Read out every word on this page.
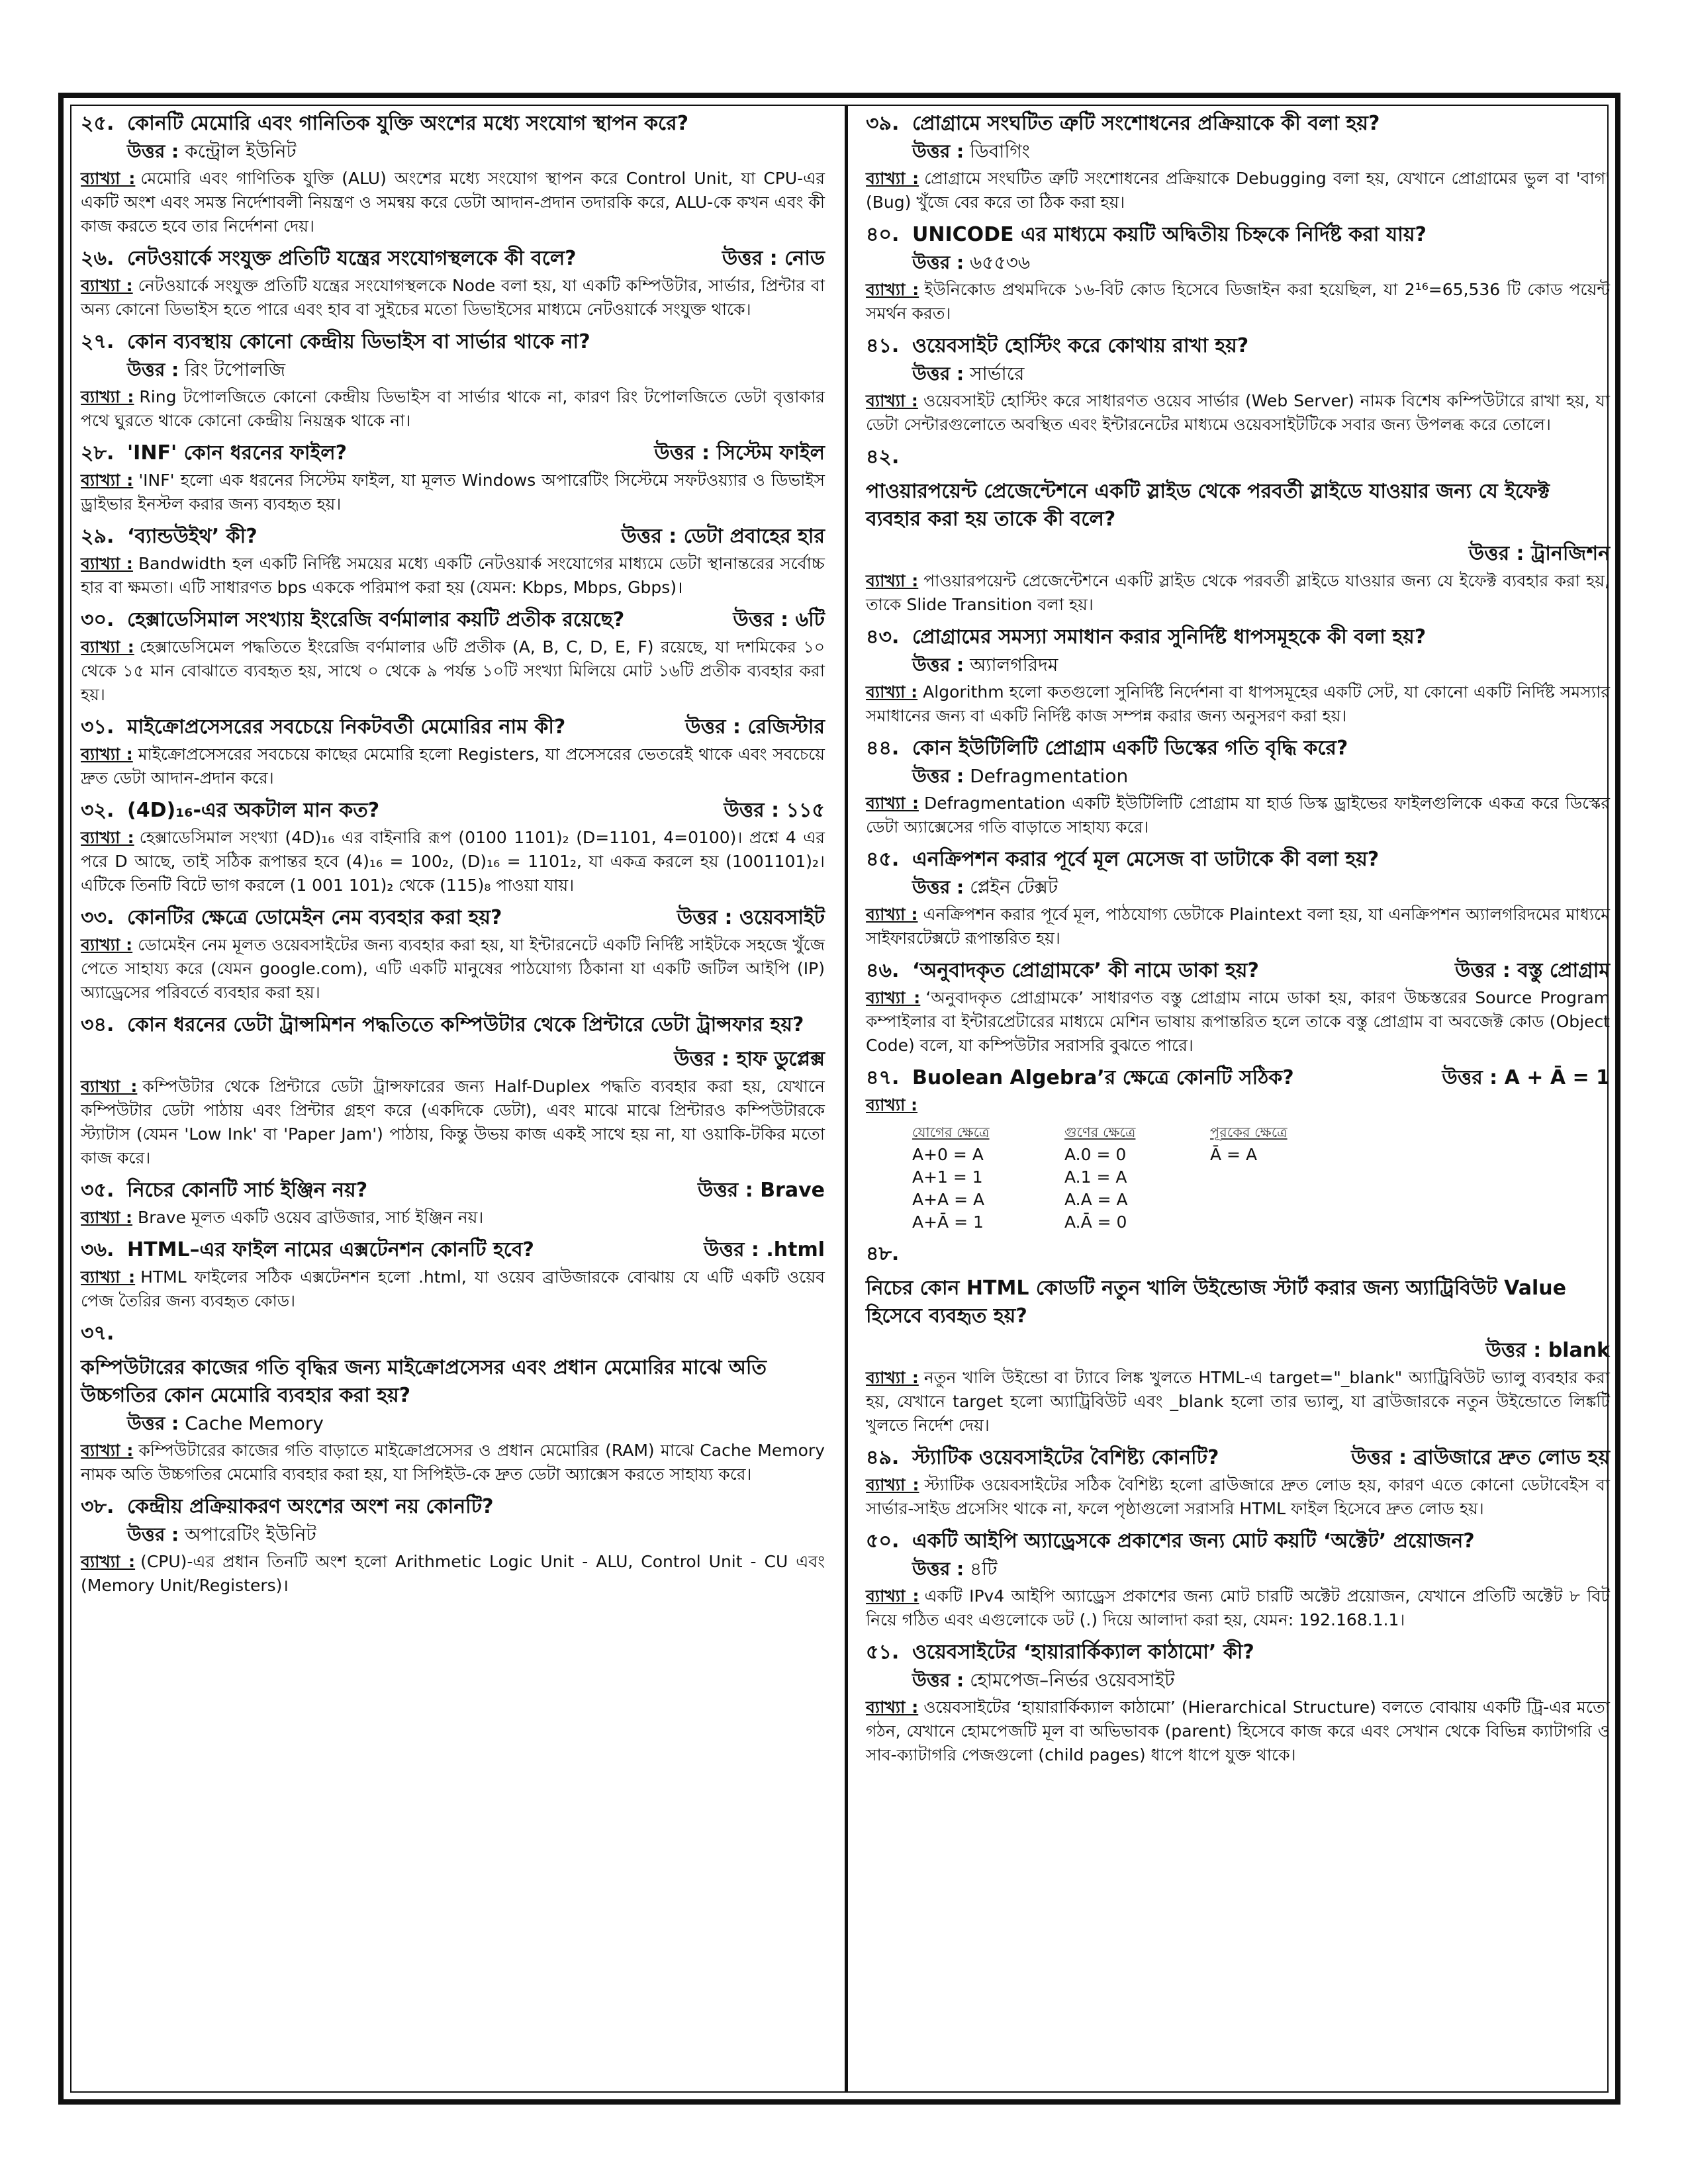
২৫. কোনটি মেমোরি এবং গানিতিক যুক্তি অংশের মধ্যে সংযোগ স্থাপন করে?
উত্তর : কন্ট্রোল ইউনিট
ব্যাখ্যা : মেমোরি এবং গাণিতিক যুক্তি (ALU) অংশের মধ্যে সংযোগ স্থাপন করে Control Unit, যা CPU-এর একটি অংশ এবং সমস্ত নির্দেশাবলী নিয়ন্ত্রণ ও সমন্বয় করে ডেটা আদান-প্রদান তদারকি করে, ALU-কে কখন এবং কী কাজ করতে হবে তার নির্দেশনা দেয়।
২৬. নেটওয়ার্কে সংযুক্ত প্রতিটি যন্ত্রের সংযোগস্থলকে কী বলে?	উত্তর : নোড
ব্যাখ্যা : নেটওয়ার্কে সংযুক্ত প্রতিটি যন্ত্রের সংযোগস্থলকে Node বলা হয়, যা একটি কম্পিউটার, সার্ভার, প্রিন্টার বা অন্য কোনো ডিভাইস হতে পারে এবং হাব বা সুইচের মতো ডিভাইসের মাধ্যমে নেটওয়ার্কে সংযুক্ত থাকে।
২৭. কোন ব্যবস্থায় কোনো কেন্দ্রীয় ডিভাইস বা সার্ভার থাকে না?
উত্তর : রিং টপোলজি
ব্যাখ্যা : Ring টপোলজিতে কোনো কেন্দ্রীয় ডিভাইস বা সার্ভার থাকে না, কারণ রিং টপোলজিতে ডেটা বৃত্তাকার পথে ঘুরতে থাকে কোনো কেন্দ্রীয় নিয়ন্ত্রক থাকে না।
২৮. 'INF' কোন ধরনের ফাইল?	উত্তর : সিস্টেম ফাইল
ব্যাখ্যা : 'INF' হলো এক ধরনের সিস্টেম ফাইল, যা মূলত Windows অপারেটিং সিস্টেমে সফটওয়্যার ও ডিভাইস ড্রাইভার ইনস্টল করার জন্য ব্যবহৃত হয়।
২৯. ‘ব্যান্ডউইথ’ কী?	উত্তর : ডেটা প্রবাহের হার
ব্যাখ্যা : Bandwidth হল একটি নির্দিষ্ট সময়ের মধ্যে একটি নেটওয়ার্ক সংযোগের মাধ্যমে ডেটা স্থানান্তরের সর্বোচ্চ হার বা ক্ষমতা। এটি সাধারণত bps এককে পরিমাপ করা হয় (যেমন: Kbps, Mbps, Gbps)।
৩০. হেক্সাডেসিমাল সংখ্যায় ইংরেজি বর্ণমালার কয়টি প্রতীক রয়েছে?	উত্তর : ৬টি
ব্যাখ্যা : হেক্সাডেসিমেল পদ্ধতিতে ইংরেজি বর্ণমালার ৬টি প্রতীক (A, B, C, D, E, F) রয়েছে, যা দশমিকের ১০ থেকে ১৫ মান বোঝাতে ব্যবহৃত হয়, সাথে ০ থেকে ৯ পর্যন্ত ১০টি সংখ্যা মিলিয়ে মোট ১৬টি প্রতীক ব্যবহার করা হয়।
৩১. মাইক্রোপ্রসেসরের সবচেয়ে নিকটবর্তী মেমোরির নাম কী?	উত্তর : রেজিস্টার
ব্যাখ্যা : মাইক্রোপ্রসেসরের সবচেয়ে কাছের মেমোরি হলো Registers, যা প্রসেসরের ভেতরেই থাকে এবং সবচেয়ে দ্রুত ডেটা আদান-প্রদান করে।
৩২. (4D)₁₆-এর অকটাল মান কত?	উত্তর : ১১৫
ব্যাখ্যা : হেক্সাডেসিমাল সংখ্যা (4D)₁₆ এর বাইনারি রূপ (0100 1101)₂ (D=1101, 4=0100)। প্রশ্নে 4 এর পরে D আছে, তাই সঠিক রূপান্তর হবে (4)₁₆ = 100₂, (D)₁₆ = 1101₂, যা একত্র করলে হয় (1001101)₂। এটিকে তিনটি বিটে ভাগ করলে (1 001 101)₂ থেকে (115)₈ পাওয়া যায়।
৩৩. কোনটির ক্ষেত্রে ডোমেইন নেম ব্যবহার করা হয়?	উত্তর : ওয়েবসাইট
ব্যাখ্যা : ডোমেইন নেম মূলত ওয়েবসাইটের জন্য ব্যবহার করা হয়, যা ইন্টারনেটে একটি নির্দিষ্ট সাইটকে সহজে খুঁজে পেতে সাহায্য করে (যেমন google.com), এটি একটি মানুষের পাঠযোগ্য ঠিকানা যা একটি জটিল আইপি (IP) অ্যাড্রেসের পরিবর্তে ব্যবহার করা হয়।
৩৪. কোন ধরনের ডেটা ট্রান্সমিশন পদ্ধতিতে কম্পিউটার থেকে প্রিন্টারে ডেটা ট্রান্সফার হয়?
উত্তর : হাফ ডুপ্লেক্স
ব্যাখ্যা : কম্পিউটার থেকে প্রিন্টারে ডেটা ট্রান্সফারের জন্য Half-Duplex পদ্ধতি ব্যবহার করা হয়, যেখানে কম্পিউটার ডেটা পাঠায় এবং প্রিন্টার গ্রহণ করে (একদিকে ডেটা), এবং মাঝে মাঝে প্রিন্টারও কম্পিউটারকে স্ট্যাটাস (যেমন 'Low Ink' বা 'Paper Jam') পাঠায়, কিন্তু উভয় কাজ একই সাথে হয় না, যা ওয়াকি-টকির মতো কাজ করে।
৩৫. নিচের কোনটি সার্চ ইঞ্জিন নয়?	উত্তর : Brave
ব্যাখ্যা : Brave মূলত একটি ওয়েব ব্রাউজার, সার্চ ইঞ্জিন নয়।
৩৬. HTML–এর ফাইল নামের এক্সটেনশন কোনটি হবে?	উত্তর : .html
ব্যাখ্যা : HTML ফাইলের সঠিক এক্সটেনশন হলো .html, যা ওয়েব ব্রাউজারকে বোঝায় যে এটি একটি ওয়েব পেজ তৈরির জন্য ব্যবহৃত কোড।
৩৭.
কম্পিউটারের কাজের গতি বৃদ্ধির জন্য মাইক্রোপ্রসেসর এবং প্রধান মেমোরির মাঝে অতি উচ্চগতির কোন মেমোরি ব্যবহার করা হয়?
উত্তর : Cache Memory
ব্যাখ্যা : কম্পিউটারের কাজের গতি বাড়াতে মাইক্রোপ্রসেসর ও প্রধান মেমোরির (RAM) মাঝে Cache Memory নামক অতি উচ্চগতির মেমোরি ব্যবহার করা হয়, যা সিপিইউ-কে দ্রুত ডেটা অ্যাক্সেস করতে সাহায্য করে।
৩৮. কেন্দ্রীয় প্রক্রিয়াকরণ অংশের অংশ নয় কোনটি?
উত্তর : অপারেটিং ইউনিট
ব্যাখ্যা : (CPU)-এর প্রধান তিনটি অংশ হলো Arithmetic Logic Unit - ALU, Control Unit - CU এবং (Memory Unit/Registers)।
৩৯. প্রোগ্রামে সংঘটিত ত্রুটি সংশোধনের প্রক্রিয়াকে কী বলা হয়?
উত্তর : ডিবাগিং
ব্যাখ্যা : প্রোগ্রামে সংঘটিত ত্রুটি সংশোধনের প্রক্রিয়াকে Debugging বলা হয়, যেখানে প্রোগ্রামের ভুল বা 'বাগ' (Bug) খুঁজে বের করে তা ঠিক করা হয়।
৪০. UNICODE এর মাধ্যমে কয়টি অদ্বিতীয় চিহ্নকে নির্দিষ্ট করা যায়?
উত্তর : ৬৫৫৩৬
ব্যাখ্যা : ইউনিকোড প্রথমদিকে ১৬-বিট কোড হিসেবে ডিজাইন করা হয়েছিল, যা 2¹⁶=65,536 টি কোড পয়েন্ট সমর্থন করত।
৪১. ওয়েবসাইট হোস্টিং করে কোথায় রাখা হয়?
উত্তর : সার্ভারে
ব্যাখ্যা : ওয়েবসাইট হোস্টিং করে সাধারণত ওয়েব সার্ভার (Web Server) নামক বিশেষ কম্পিউটারে রাখা হয়, যা ডেটা সেন্টারগুলোতে অবস্থিত এবং ইন্টারনেটের মাধ্যমে ওয়েবসাইটটিকে সবার জন্য উপলব্ধ করে তোলে।
৪২.
পাওয়ারপয়েন্ট প্রেজেন্টেশনে একটি স্লাইড থেকে পরবর্তী স্লাইডে যাওয়ার জন্য যে ইফেক্ট ব্যবহার করা হয় তাকে কী বলে?
উত্তর : ট্রানজিশন
ব্যাখ্যা : পাওয়ারপয়েন্ট প্রেজেন্টেশনে একটি স্লাইড থেকে পরবর্তী স্লাইডে যাওয়ার জন্য যে ইফেক্ট ব্যবহার করা হয়, তাকে Slide Transition বলা হয়।
৪৩. প্রোগ্রামের সমস্যা সমাধান করার সুনির্দিষ্ট ধাপসমূহকে কী বলা হয়?
উত্তর : অ্যালগরিদম
ব্যাখ্যা : Algorithm হলো কতগুলো সুনির্দিষ্ট নির্দেশনা বা ধাপসমূহের একটি সেট, যা কোনো একটি নির্দিষ্ট সমস্যার সমাধানের জন্য বা একটি নির্দিষ্ট কাজ সম্পন্ন করার জন্য অনুসরণ করা হয়।
৪৪. কোন ইউটিলিটি প্রোগ্রাম একটি ডিস্কের গতি বৃদ্ধি করে?
উত্তর : Defragmentation
ব্যাখ্যা : Defragmentation একটি ইউটিলিটি প্রোগ্রাম যা হার্ড ডিস্ক ড্রাইভের ফাইলগুলিকে একত্র করে ডিস্কের ডেটা অ্যাক্সেসের গতি বাড়াতে সাহায্য করে।
৪৫. এনক্রিপশন করার পূর্বে মূল মেসেজ বা ডাটাকে কী বলা হয়?
উত্তর : প্লেইন টেক্সট
ব্যাখ্যা : এনক্রিপশন করার পূর্বে মূল, পাঠযোগ্য ডেটাকে Plaintext বলা হয়, যা এনক্রিপশন অ্যালগরিদমের মাধ্যমে সাইফারটেক্সটে রূপান্তরিত হয়।
৪৬. ‘অনুবাদকৃত প্রোগ্রামকে’ কী নামে ডাকা হয়?	উত্তর : বস্তু প্রোগ্রাম
ব্যাখ্যা : ‘অনুবাদকৃত প্রোগ্রামকে’ সাধারণত বস্তু প্রোগ্রাম নামে ডাকা হয়, কারণ উচ্চস্তরের Source Program কম্পাইলার বা ইন্টারপ্রেটারের মাধ্যমে মেশিন ভাষায় রূপান্তরিত হলে তাকে বস্তু প্রোগ্রাম বা অবজেক্ট কোড (Object Code) বলে, যা কম্পিউটার সরাসরি বুঝতে পারে।
৪৭. Buolean Algebra’র ক্ষেত্রে কোনটি সঠিক?	উত্তর : A + Ā = 1
ব্যাখ্যা :
যোগের ক্ষেত্রে	গুণের ক্ষেত্রে	পূরকের ক্ষেত্রে
A+0 = A	A.0 = 0	Ā = A
A+1 = 1	A.1 = A
A+A = A	A.A = A
A+Ā = 1	A.Ā = 0
৪৮.
নিচের কোন HTML কোডটি নতুন খালি উইন্ডোজ স্টার্ট করার জন্য অ্যাট্রিবিউট Value হিসেবে ব্যবহৃত হয়?
উত্তর : blank
ব্যাখ্যা : নতুন খালি উইন্ডো বা ট্যাবে লিঙ্ক খুলতে HTML-এ target="_blank" অ্যাট্রিবিউট ভ্যালু ব্যবহার করা হয়, যেখানে target হলো অ্যাট্রিবিউট এবং _blank হলো তার ভ্যালু, যা ব্রাউজারকে নতুন উইন্ডোতে লিঙ্কটি খুলতে নির্দেশ দেয়।
৪৯. স্ট্যাটিক ওয়েবসাইটের বৈশিষ্ট্য কোনটি?	উত্তর : ব্রাউজারে দ্রুত লোড হয়
ব্যাখ্যা : স্ট্যাটিক ওয়েবসাইটের সঠিক বৈশিষ্ট্য হলো ব্রাউজারে দ্রুত লোড হয়, কারণ এতে কোনো ডেটাবেইস বা সার্ভার-সাইড প্রসেসিং থাকে না, ফলে পৃষ্ঠাগুলো সরাসরি HTML ফাইল হিসেবে দ্রুত লোড হয়।
৫০. একটি আইপি অ্যাড্রেসকে প্রকাশের জন্য মোট কয়টি ‘অক্টেট’ প্রয়োজন?
উত্তর : ৪টি
ব্যাখ্যা : একটি IPv4 আইপি অ্যাড্রেস প্রকাশের জন্য মোট চারটি অক্টেট প্রয়োজন, যেখানে প্রতিটি অক্টেট ৮ বিট নিয়ে গঠিত এবং এগুলোকে ডট (.) দিয়ে আলাদা করা হয়, যেমন: 192.168.1.1।
৫১. ওয়েবসাইটের ‘হায়ারার্কিক্যাল কাঠামো’ কী?
উত্তর : হোমপেজ–নির্ভর ওয়েবসাইট
ব্যাখ্যা : ওয়েবসাইটের ‘হায়ারার্কিক্যাল কাঠামো’ (Hierarchical Structure) বলতে বোঝায় একটি ট্রি-এর মতো গঠন, যেখানে হোমপেজটি মূল বা অভিভাবক (parent) হিসেবে কাজ করে এবং সেখান থেকে বিভিন্ন ক্যাটাগরি ও সাব-ক্যাটাগরি পেজগুলো (child pages) ধাপে ধাপে যুক্ত থাকে।
